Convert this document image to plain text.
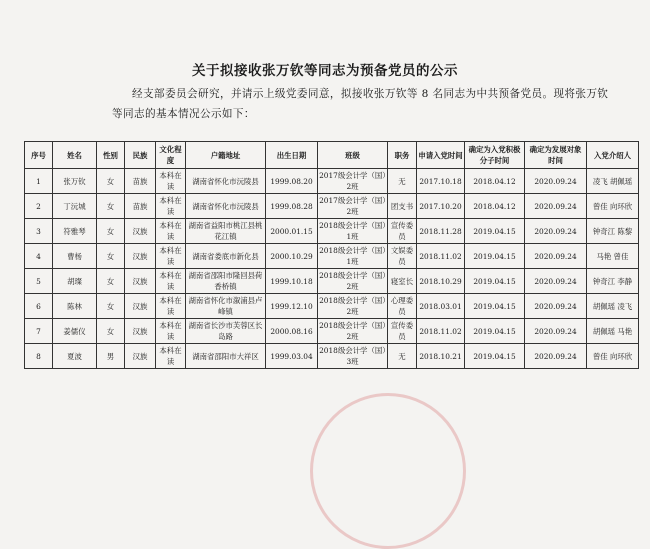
关于拟接收张万钦等同志为预备党员的公示
经支部委员会研究，并请示上级党委同意，拟接收张万钦等 8 名同志为中共预备党员。现将张万钦等同志的基本情况公示如下：
序号	姓名	性别	民族	文化程度	户籍地址	出生日期	班级	职务	申请入党时间	确定为入党积极分子时间	确定为发展对象时间	入党介绍人
1	张万钦	女	苗族	本科在读	湖南省怀化市沅陵县	1999.08.20	2017级会计学（国）2班	无	2017.10.18	2018.04.12	2020.09.24	凌飞 胡佩瑶
2	丁沅城	女	苗族	本科在读	湖南省怀化市沅陵县	1999.08.28	2017级会计学（国）2班	团支书	2017.10.20	2018.04.12	2020.09.24	曾佳 向环欣
3	符雅琴	女	汉族	本科在读	湖南省益阳市桃江县桃花江镇	2000.01.15	2018级会计学（国）1班	宣传委员	2018.11.28	2019.04.15	2020.09.24	钟奇江 陈黎
4	曹杨	女	汉族	本科在读	湖南省娄底市新化县	2000.10.29	2018级会计学（国）1班	文娱委员	2018.11.02	2019.04.15	2020.09.24	马艳 曾佳
5	胡璨	女	汉族	本科在读	湖南省邵阳市隆回县荷香桥镇	1999.10.18	2018级会计学（国）2班	寝室长	2018.10.29	2019.04.15	2020.09.24	钟奇江 李静
6	陈林	女	汉族	本科在读	湖南省怀化市溆浦县卢峰镇	1999.12.10	2018级会计学（国）2班	心理委员	2018.03.01	2019.04.15	2020.09.24	胡佩瑶 凌飞
7	姜儒仪	女	汉族	本科在读	湖南省长沙市芙蓉区长岛路	2000.08.16	2018级会计学（国）2班	宣传委员	2018.11.02	2019.04.15	2020.09.24	胡佩瑶 马艳
8	夏波	男	汉族	本科在读	湖南省邵阳市大祥区	1999.03.04	2018级会计学（国）3班	无	2018.10.21	2019.04.15	2020.09.24	曾佳 向环欣
